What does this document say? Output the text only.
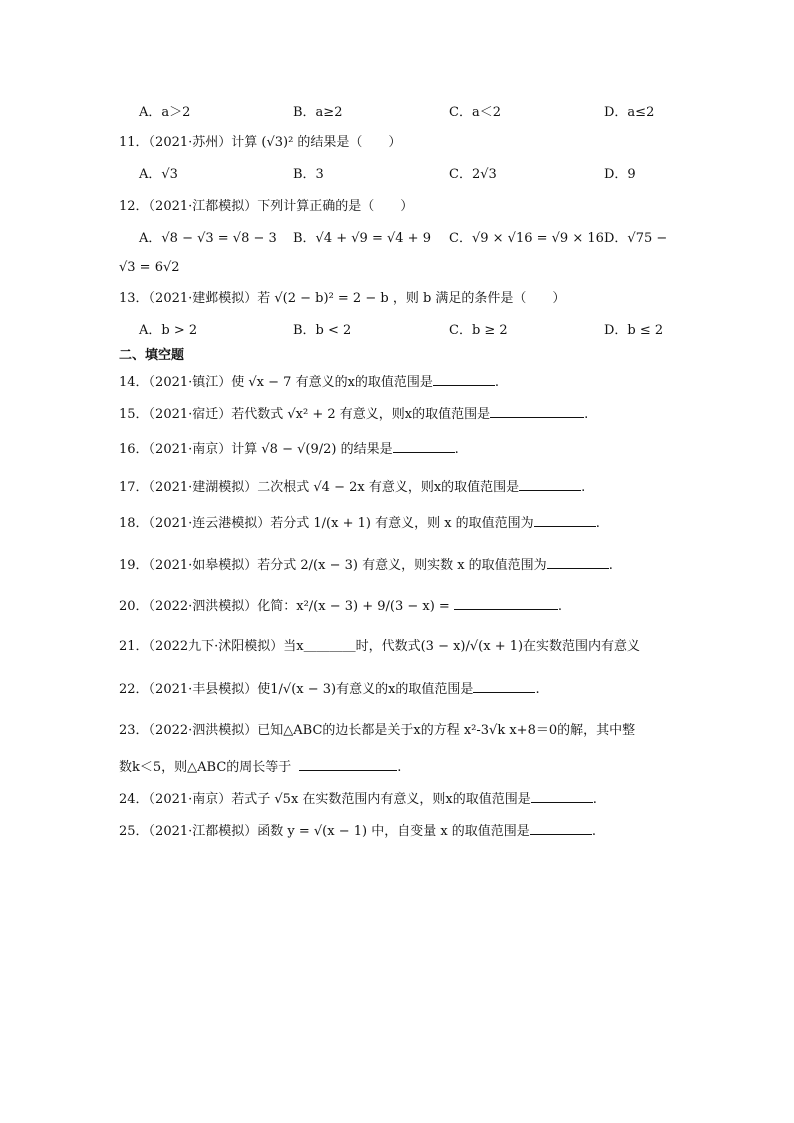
A．a＞2	B．a≥2	C．a＜2	D．a≤2
11．（2021·苏州）计算 (√3)² 的结果是（　　）
A．√3	B．3	C．2√3	D．9
12．（2021·江都模拟）下列计算正确的是（　　）
A．√8 − √3 = √8 − 3 B．√4 + √9 = √4 + 9 C．√9 × √16 = √9 × 16 D．√75 −
√3 = 6√2
13．（2021·建邺模拟）若 √(2 − b)² = 2 − b ，则 b 满足的条件是（　　）
A．b > 2	B．b < 2	C．b ≥ 2	D．b ≤ 2
二、填空题
14．（2021·镇江）使 √x − 7 有意义的x的取值范围是	.
15．（2021·宿迁）若代数式 √x² + 2 有意义，则x的取值范围是	.
16．（2021·南京）计算 √8 − √(9/2) 的结果是	.
17．（2021·建湖模拟）二次根式 √4 − 2x 有意义，则x的取值范围是	.
18．（2021·连云港模拟）若分式 1/(x + 1) 有意义，则 x 的取值范围为	.
19．（2021·如皋模拟）若分式 2/(x − 3) 有意义，则实数 x 的取值范围为	.
20．（2022·泗洪模拟）化简：x²/(x − 3) + 9/(3 − x) =	.
21．（2022九下·沭阳模拟）当x＿＿＿＿时，代数式(3 − x)/√(x + 1)在实数范围内有意义
22．（2021·丰县模拟）使1/√(x − 3)有意义的x的取值范围是	.
23．（2022·泗洪模拟）已知△ABC的边长都是关于x的方程 x²-3√k x+8＝0的解，其中整
数k＜5，则△ABC的周长等于	.
24．（2021·南京）若式子 √5x 在实数范围内有意义，则x的取值范围是	.
25．（2021·江都模拟）函数 y = √(x − 1) 中，自变量 x 的取值范围是	.
